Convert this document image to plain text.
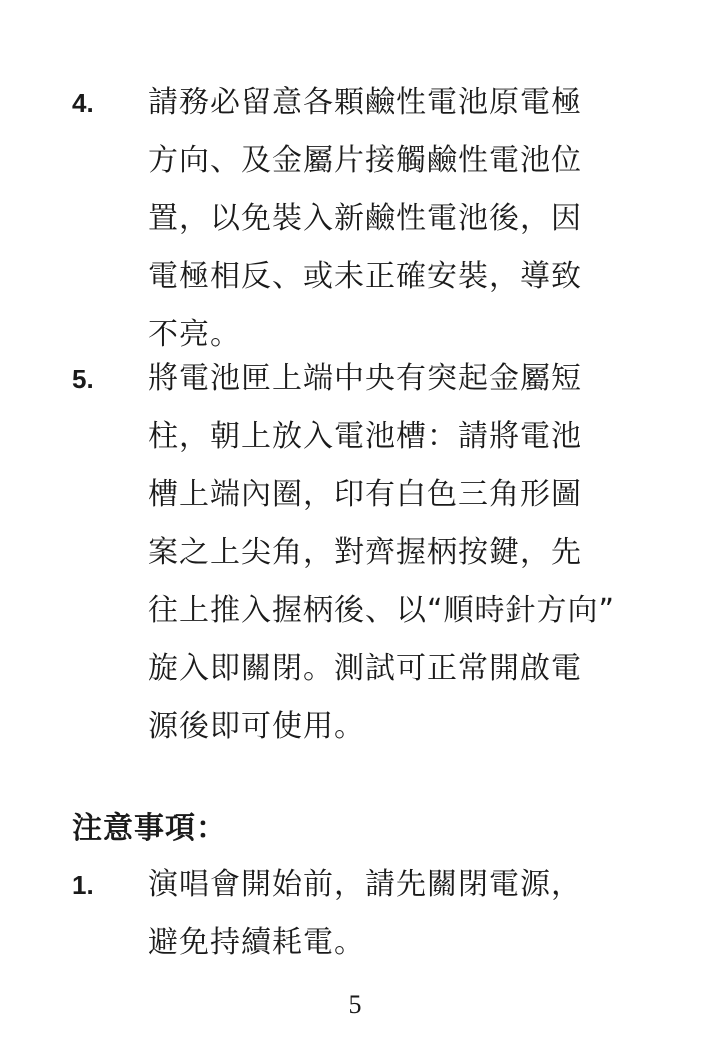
4. 請務必留意各顆鹼性電池原電極
方向、及金屬片接觸鹼性電池位
置，以免裝入新鹼性電池後，因
電極相反、或未正確安裝，導致
不亮。
5. 將電池匣上端中央有突起金屬短
柱，朝上放入電池槽：請將電池
槽上端內圈，印有白色三角形圖
案之上尖角，對齊握柄按鍵，先
往上推入握柄後、以“順時針方向”
旋入即關閉。測試可正常開啟電
源後即可使用。
注意事項：
1. 演唱會開始前，請先關閉電源，
避免持續耗電。
5
